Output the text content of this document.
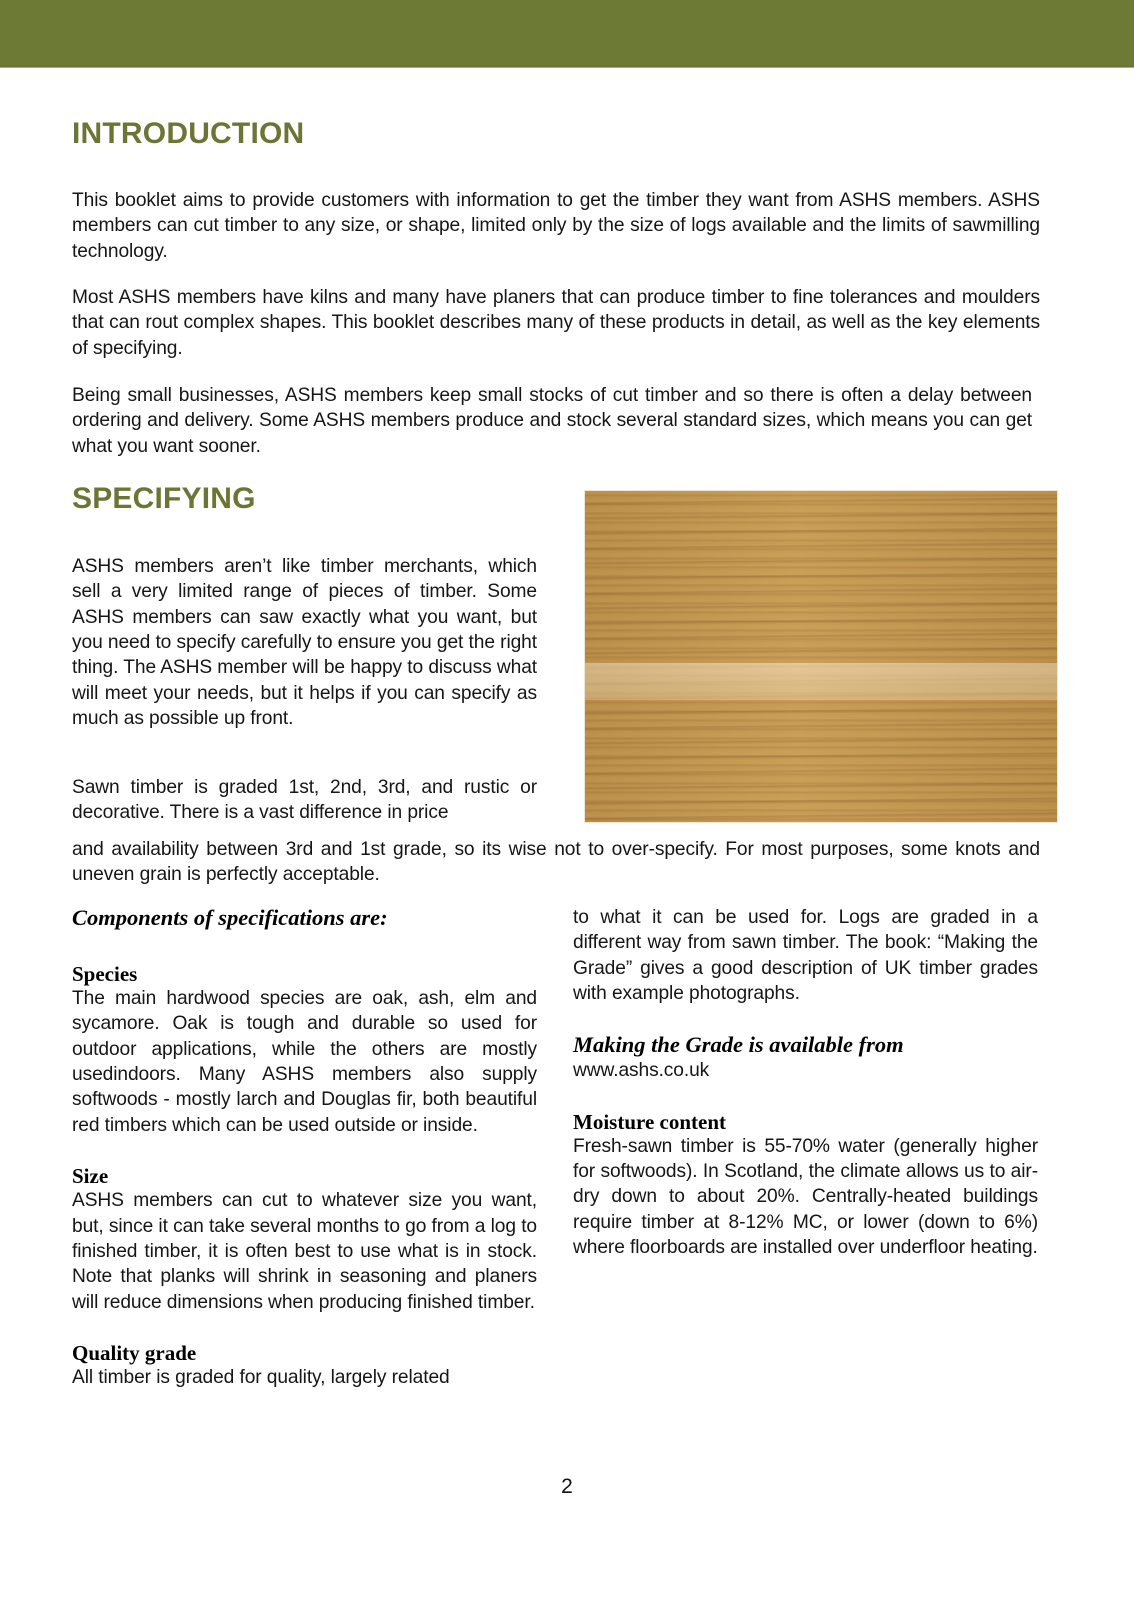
INTRODUCTION

This booklet aims to provide customers with information to get the timber they want from ASHS members. ASHS members can cut timber to any size, or shape, limited only by the size of logs available and the limits of sawmilling technology.

Most ASHS members have kilns and many have planers that can produce timber to fine tolerances and moulders that can rout complex shapes. This booklet describes many of these products in detail, as well as the key elements of specifying.

Being small businesses, ASHS members keep small stocks of cut timber and so there is often a delay between ordering and delivery. Some ASHS members produce and stock several standard sizes, which means you can get what you want sooner.

SPECIFYING

ASHS members aren’t like timber merchants, which sell a very limited range of pieces of timber. Some ASHS members can saw exactly what you want, but you need to specify carefully to ensure you get the right thing. The ASHS member will be happy to discuss what will meet your needs, but it helps if you can specify as much as possible up front.

Sawn timber is graded 1st, 2nd, 3rd, and rustic or decorative. There is a vast difference in price

and availability between 3rd and 1st grade, so its wise not to over-specify. For most purposes, some knots and uneven grain is perfectly acceptable.

Components of specifications are:
Species

The main hardwood species are oak, ash, elm and sycamore. Oak is tough and durable so used for outdoor applications, while the others are mostly usedindoors. Many ASHS members also supply softwoods - mostly larch and Douglas fir, both beautiful red timbers which can be used outside or inside.

Size

ASHS members can cut to whatever size you want, but, since it can take several months to go from a log to finished timber, it is often best to use what is in stock. Note that planks will shrink in seasoning and planers will reduce dimensions when producing finished timber.

Quality grade

All timber is graded for quality, largely related

to what it can be used for. Logs are graded in a different way from sawn timber. The book: “Making the Grade” gives a good description of UK timber grades with example photographs.

Making the Grade is available from

www.ashs.co.uk

Moisture content

Fresh-sawn timber is 55-70% water (generally higher for softwoods). In Scotland, the climate allows us to air-dry down to about 20%. Centrally-heated buildings require timber at 8-12% MC, or lower (down to 6%) where floorboards are installed over underfloor heating.

2
